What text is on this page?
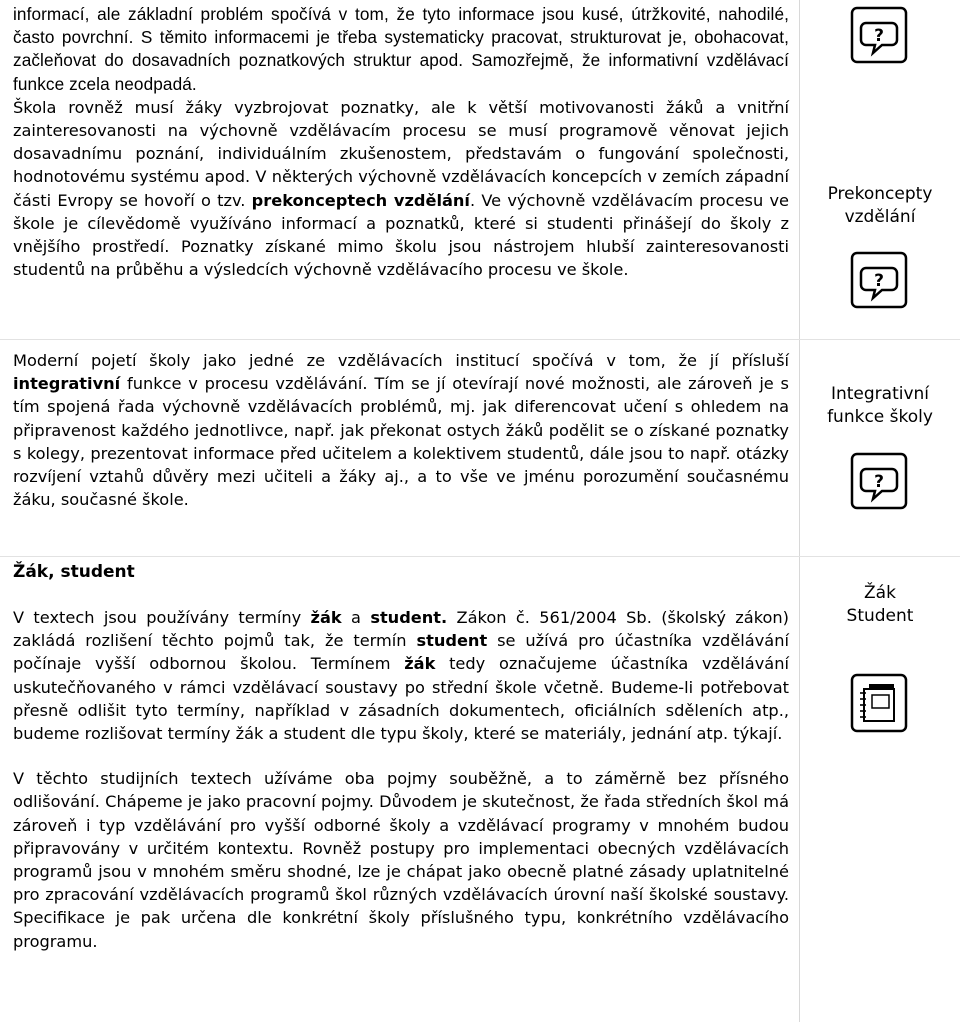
informací, ale základní problém spočívá v tom, že tyto informace jsou kusé, útržkovité, nahodilé, často povrchní. S těmito informacemi je třeba systematicky pracovat, strukturovat je, obohacovat, začleňovat do dosavadních poznatkových struktur apod. Samozřejmě, že informativní vzdělávací funkce zcela neodpadá.

Škola rovněž musí žáky vyzbrojovat poznatky, ale k větší motivovanosti žáků a vnitřní zainteresovanosti na výchovně vzdělávacím procesu se musí programově věnovat jejich dosavadnímu poznání, individuálním zkušenostem, představám o fungování společnosti, hodnotovému systému apod. V některých výchovně vzdělávacích koncepcích v zemích západní části Evropy se hovoří o tzv. prekonceptech vzdělání. Ve výchovně vzdělávacím procesu ve škole je cílevědomě využíváno informací a poznatků, které si studenti přinášejí do školy z vnějšího prostředí. Poznatky získané mimo školu jsou nástrojem hlubší zainteresovanosti studentů na průběhu a výsledcích výchovně vzdělávacího procesu ve škole.

Moderní pojetí školy jako jedné ze vzdělávacích institucí spočívá v tom, že jí přísluší integrativní funkce v procesu vzdělávání. Tím se jí otevírají nové možnosti, ale zároveň je s tím spojená řada výchovně vzdělávacích problémů, mj. jak diferencovat učení s ohledem na připravenost každého jednotlivce, např. jak překonat ostych žáků podělit se o získané poznatky s kolegy, prezentovat informace před učitelem a kolektivem studentů, dále jsou to např. otázky rozvíjení vztahů důvěry mezi učiteli a žáky aj., a to vše ve jménu porozumění současnému žáku, současné škole.

Žák, student

V textech jsou používány termíny žák a student. Zákon č. 561/2004 Sb. (školský zákon) zakládá rozlišení těchto pojmů tak, že termín student se užívá pro účastníka vzdělávání počínaje vyšší odbornou školou. Termínem žák tedy označujeme účastníka vzdělávání uskutečňovaného v rámci vzdělávací soustavy po střední škole včetně. Budeme-li potřebovat přesně odlišit tyto termíny, například v zásadních dokumentech, oficiálních sděleních atp., budeme rozlišovat termíny žák a student dle typu školy, které se materiály, jednání atp. týkají.

V těchto studijních textech užíváme oba pojmy souběžně, a to záměrně bez přísného odlišování. Chápeme je jako pracovní pojmy. Důvodem je skutečnost, že řada středních škol má zároveň i typ vzdělávání pro vyšší odborné školy a vzdělávací programy v mnohém budou připravovány v určitém kontextu. Rovněž postupy pro implementaci obecných vzdělávacích programů jsou v mnohém směru shodné, lze je chápat jako obecně platné zásady uplatnitelné pro zpracování vzdělávacích programů škol různých vzdělávacích úrovní naší školské soustavy. Specifikace je pak určena dle konkrétní školy příslušného typu, konkrétního vzdělávacího programu.

?
Prekoncepty
vzdělání
?
Integrativní
funkce školy
?
Žák
Student
